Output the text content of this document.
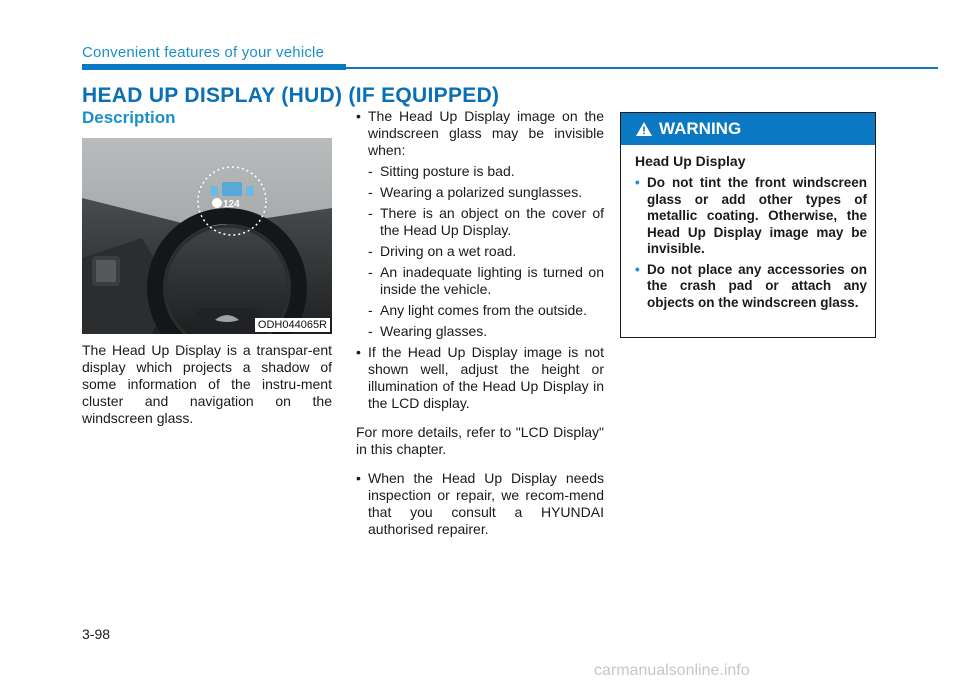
Convenient features of your vehicle
HEAD UP DISPLAY (HUD) (IF EQUIPPED)
Description
124
ODH044065R
The Head Up Display is a transpar-ent display which projects a shadow of some information of the instru-ment cluster and navigation on the windscreen glass.
• The Head Up Display image on the windscreen glass may be invisible when:
- Sitting posture is bad.
- Wearing a polarized sunglasses.
- There is an object on the cover of the Head Up Display.
- Driving on a wet road.
- An inadequate lighting is turned on inside the vehicle.
- Any light comes from the outside.
- Wearing glasses.
• If the Head Up Display image is not shown well, adjust the height or illumination of the Head Up Display in the LCD display.
For more details, refer to "LCD Display" in this chapter.
• When the Head Up Display needs inspection or repair, we recom-mend that you consult a HYUNDAI authorised repairer.
WARNING
Head Up Display
• Do not tint the front windscreen glass or add other types of metallic coating. Otherwise, the Head Up Display image may be invisible.
• Do not place any accessories on the crash pad or attach any objects on the windscreen glass.
3-98
carmanualsonline.info
